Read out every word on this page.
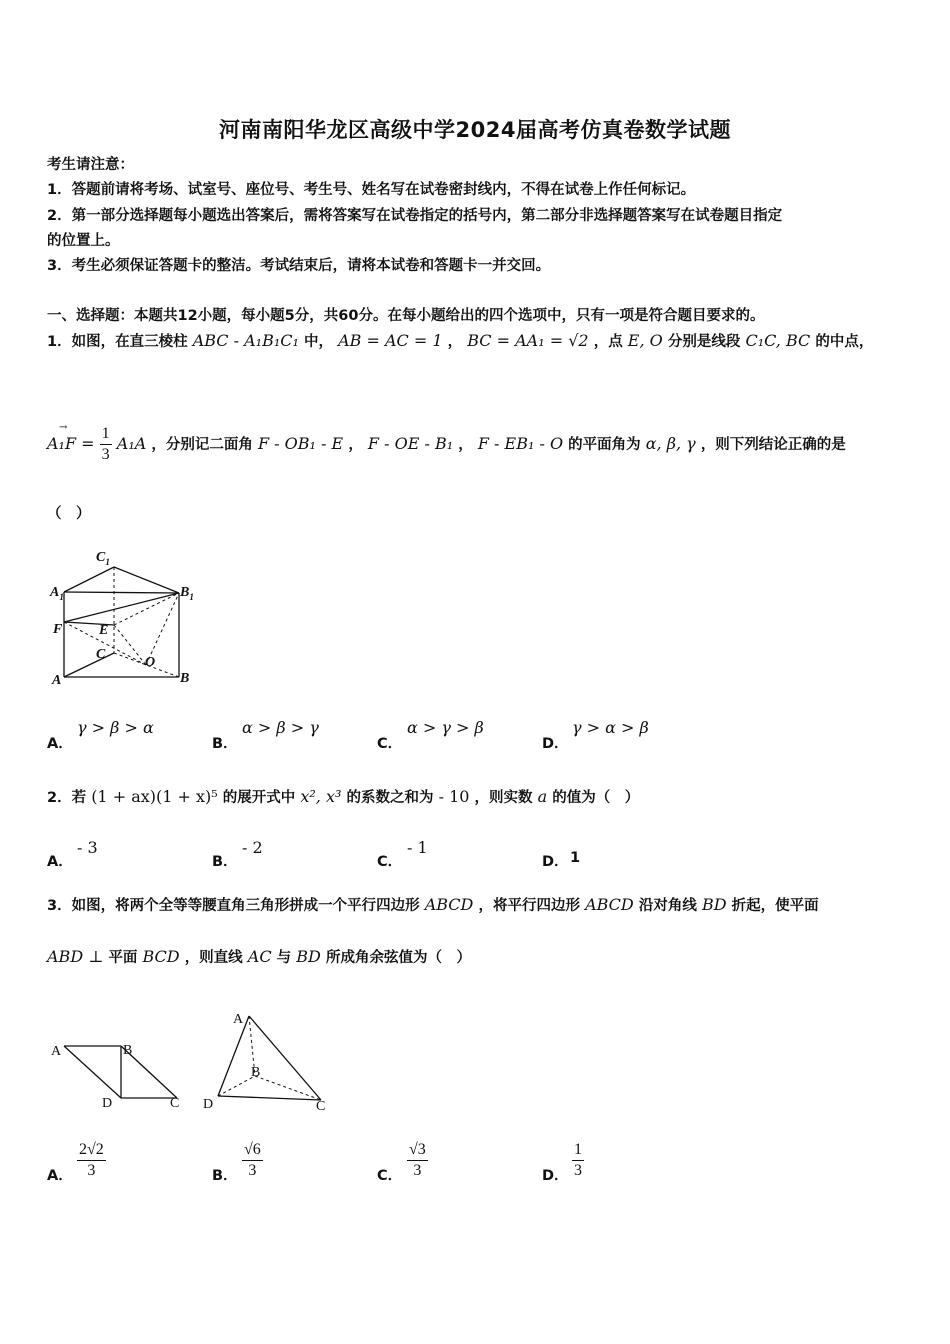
河南南阳华龙区高级中学2024届高考仿真卷数学试题
考生请注意：
1．答题前请将考场、试室号、座位号、考生号、姓名写在试卷密封线内，不得在试卷上作任何标记。
2．第一部分选择题每小题选出答案后，需将答案写在试卷指定的括号内，第二部分非选择题答案写在试卷题目指定
的位置上。
3．考生必须保证答题卡的整洁。考试结束后，请将本试卷和答题卡一并交回。
一、选择题：本题共12小题，每小题5分，共60分。在每小题给出的四个选项中，只有一项是符合题目要求的。
1．如图，在直三棱柱 ABC - A₁B₁C₁ 中， AB = AC = 1 ， BC = AA₁ = √2 ，点 E, O 分别是线段 C₁C, BC 的中点，
→
$A_1F = \frac{1}{3} A_1A$ ，分别记二面角 F - OB₁ - E ， F - OE - B₁ ， F - EB₁ - O 的平面角为 α, β, γ ，则下列结论正确的是
（　）
$C_1$
$A_1$	$B_1$
F	E
C
O
A	B
A．
γ > β > α
B．
α > β > γ
C．
α > γ > β
D．
γ > α > β
2．若 (1 + ax)(1 + x)⁵ 的展开式中 x², x³ 的系数之和为 - 10 ，则实数 a 的值为（　）
A．
- 3
B．
- 2
C．
- 1
D． 1
3．如图，将两个全等等腰直角三角形拼成一个平行四边形 ABCD ，将平行四边形 ABCD 沿对角线 BD 折起，使平面
ABD ⊥ 平面 BCD ，则直线 AC 与 BD 所成角余弦值为（　）
A	B
D	C
A
B
D	C
A． $\frac{2√2}{3}$	B． $\frac{√6}{3}$	C． $\frac{√3}{3}$	D． $\frac{1}{3}$
